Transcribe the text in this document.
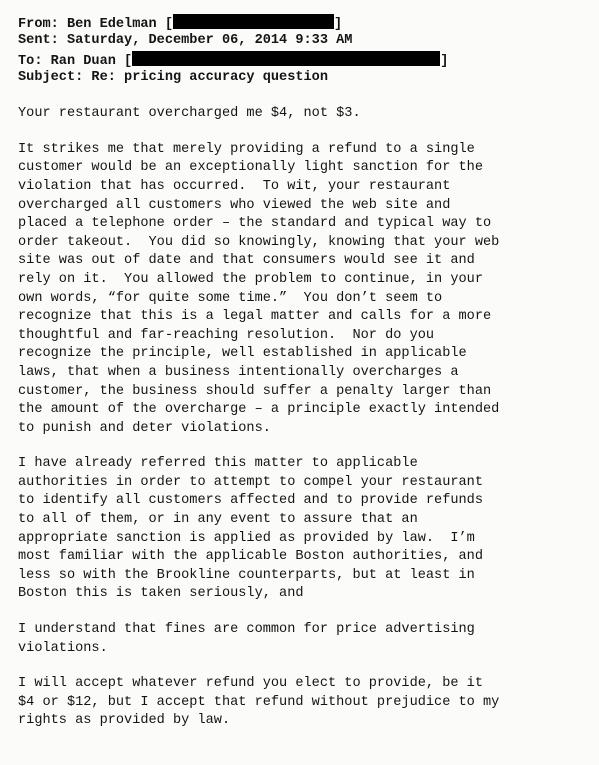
From: Ben Edelman [	]
Sent: Saturday, December 06, 2014 9:33 AM
To: Ran Duan [	]
Subject: Re: pricing accuracy question
Your restaurant overcharged me $4, not $3.
It strikes me that merely providing a refund to a single
customer would be an exceptionally light sanction for the
violation that has occurred.  To wit, your restaurant
overcharged all customers who viewed the web site and
placed a telephone order – the standard and typical way to
order takeout.  You did so knowingly, knowing that your web
site was out of date and that consumers would see it and
rely on it.  You allowed the problem to continue, in your
own words, “for quite some time.”  You don’t seem to
recognize that this is a legal matter and calls for a more
thoughtful and far-reaching resolution.  Nor do you
recognize the principle, well established in applicable
laws, that when a business intentionally overcharges a
customer, the business should suffer a penalty larger than
the amount of the overcharge – a principle exactly intended
to punish and deter violations.
I have already referred this matter to applicable
authorities in order to attempt to compel your restaurant
to identify all customers affected and to provide refunds
to all of them, or in any event to assure that an
appropriate sanction is applied as provided by law.  I’m
most familiar with the applicable Boston authorities, and
less so with the Brookline counterparts, but at least in
Boston this is taken seriously, and
I understand that fines are common for price advertising
violations.
I will accept whatever refund you elect to provide, be it
$4 or $12, but I accept that refund without prejudice to my
rights as provided by law.
